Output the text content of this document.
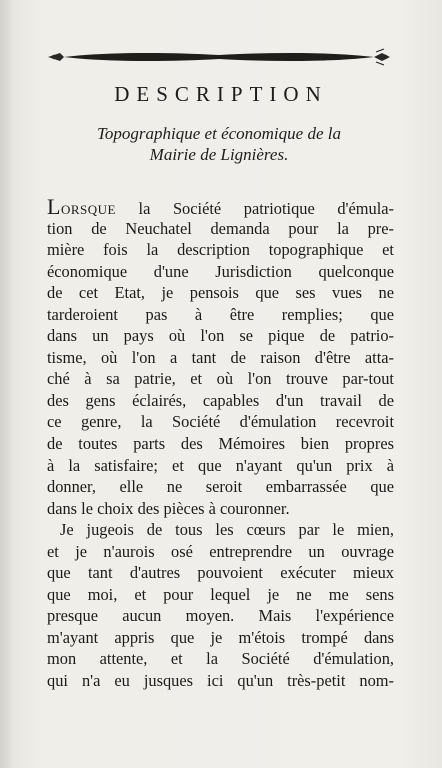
DESCRIPTION
Topographique et économique de la
Mairie de Lignières.
LORSQUE la Société patriotique d'émula-
tion de Neuchatel demanda pour la pre-
mière fois la description topographique et
économique d'une Jurisdiction quelconque
de cet Etat, je pensois que ses vues ne
tarderoient pas à être remplies; que
dans un pays où l'on se pique de patrio-
tisme, où l'on a tant de raison d'être atta-
ché à sa patrie, et où l'on trouve par-tout
des gens éclairés, capables d'un travail de
ce genre, la Société d'émulation recevroit
de toutes parts des Mémoires bien propres
à la satisfaire; et que n'ayant qu'un prix à
donner, elle ne seroit embarrassée que
dans le choix des pièces à couronner.
Je jugeois de tous les cœurs par le mien,
et je n'aurois osé entreprendre un ouvrage
que tant d'autres pouvoient exécuter mieux
que moi, et pour lequel je ne me sens
presque aucun moyen. Mais l'expérience
m'ayant appris que je m'étois trompé dans
mon attente, et la Société d'émulation,
qui n'a eu jusques ici qu'un très-petit nom-
